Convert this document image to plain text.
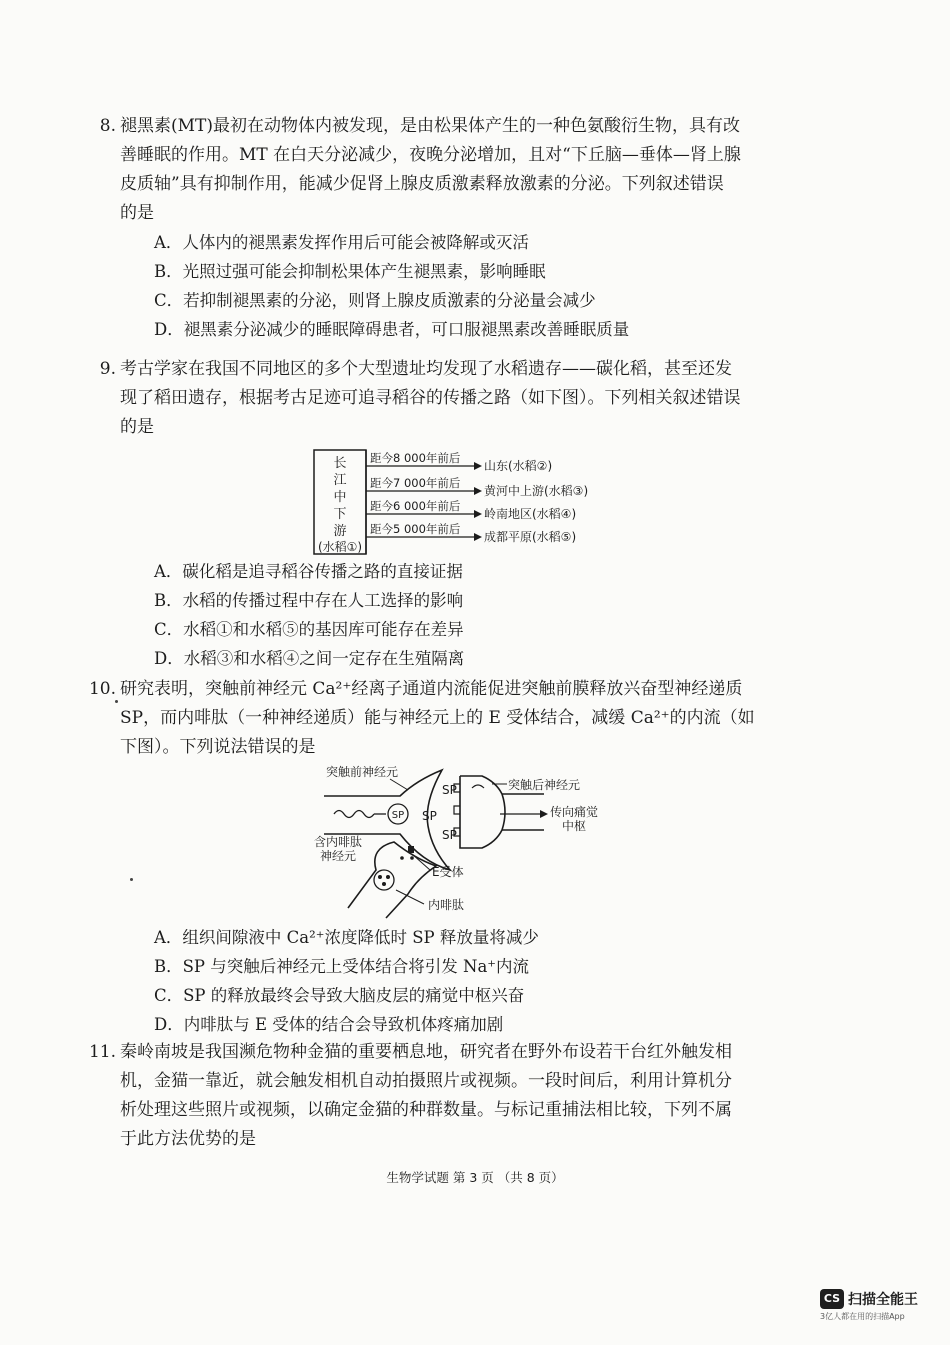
8. 褪黑素(MT)最初在动物体内被发现，是由松果体产生的一种色氨酸衍生物，具有改
善睡眠的作用。MT 在白天分泌减少，夜晚分泌增加，且对“下丘脑—垂体—肾上腺
皮质轴”具有抑制作用，能减少促肾上腺皮质激素释放激素的分泌。下列叙述错误
的是
A．人体内的褪黑素发挥作用后可能会被降解或灭活
B．光照过强可能会抑制松果体产生褪黑素，影响睡眠
C．若抑制褪黑素的分泌，则肾上腺皮质激素的分泌量会减少
D．褪黑素分泌减少的睡眠障碍患者，可口服褪黑素改善睡眠质量
9. 考古学家在我国不同地区的多个大型遗址均发现了水稻遗存——碳化稻，甚至还发
现了稻田遗存，根据考古足迹可追寻稻谷的传播之路（如下图）。下列相关叙述错误
的是
长
江
中
下
游
(水稻①)
距今8 000年前后
山东(水稻②)
距今7 000年前后
黄河中上游(水稻③)
距今6 000年前后
岭南地区(水稻④)
距今5 000年前后
成都平原(水稻⑤)
A．碳化稻是追寻稻谷传播之路的直接证据
B．水稻的传播过程中存在人工选择的影响
C．水稻①和水稻⑤的基因库可能存在差异
D．水稻③和水稻④之间一定存在生殖隔离
10. 研究表明，突触前神经元 Ca²⁺经离子通道内流能促进突触前膜释放兴奋型神经递质
SP，而内啡肽（一种神经递质）能与神经元上的 E 受体结合，减缓 Ca²⁺的内流（如
下图）。下列说法错误的是
突触前神经元
SP SP
SP
SP
突触后神经元
传向痛觉
中枢
含内啡肽
神经元
E受体
内啡肽
A．组织间隙液中 Ca²⁺浓度降低时 SP 释放量将减少
B．SP 与突触后神经元上受体结合将引发 Na⁺内流
C．SP 的释放最终会导致大脑皮层的痛觉中枢兴奋
D．内啡肽与 E 受体的结合会导致机体疼痛加剧
11. 秦岭南坡是我国濒危物种金猫的重要栖息地，研究者在野外布设若干台红外触发相
机，金猫一靠近，就会触发相机自动拍摄照片或视频。一段时间后，利用计算机分
析处理这些照片或视频，以确定金猫的种群数量。与标记重捕法相比较，下列不属
于此方法优势的是
生物学试题 第 3 页 （共 8 页）
CS 扫描全能王
3亿人都在用的扫描App
